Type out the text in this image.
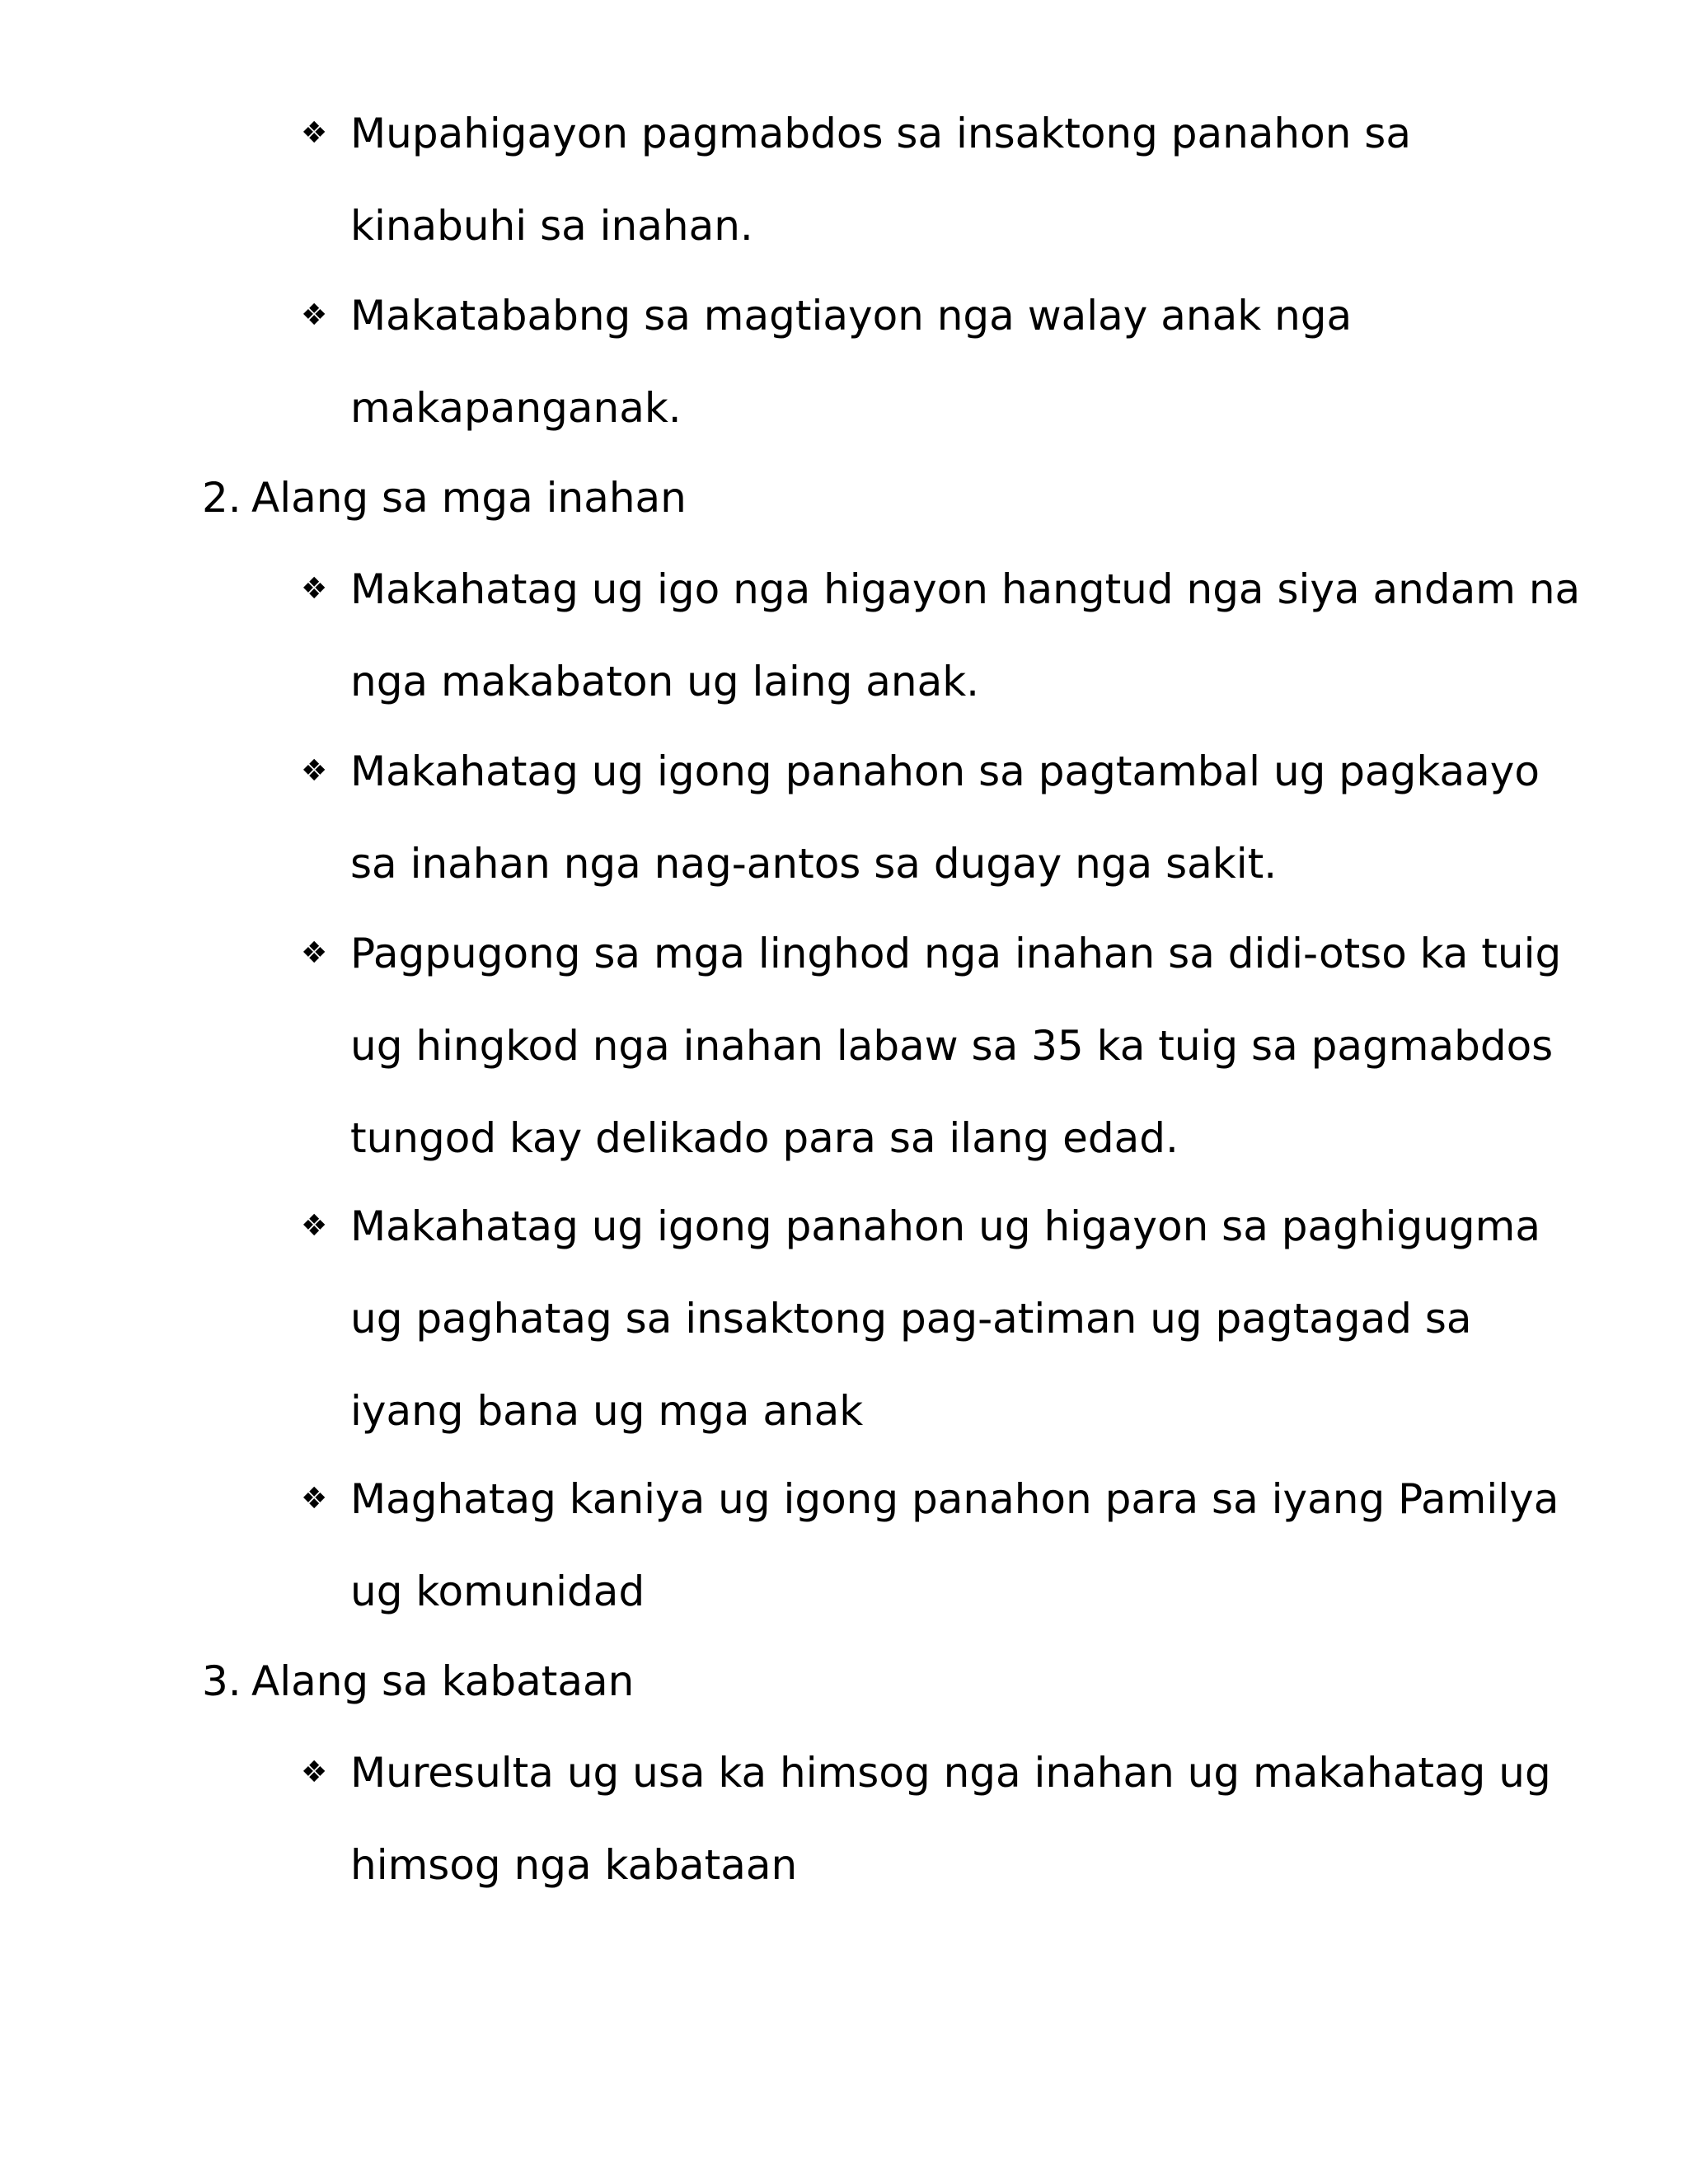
❖ Mupahigayon pagmabdos sa insaktong panahon sa kinabuhi sa inahan.
❖ Makatababng sa magtiayon nga walay anak nga makapanganak.
2. Alang sa mga inahan
❖ Makahatag ug igo nga higayon hangtud nga siya andam na nga makabaton ug laing anak.
❖ Makahatag ug igong panahon sa pagtambal ug pagkaayo sa inahan nga nag-antos sa dugay nga sakit.
❖ Pagpugong sa mga linghod nga inahan sa didi-otso ka tuig ug hingkod nga inahan labaw sa 35 ka tuig sa pagmabdos tungod kay delikado para sa ilang edad.
❖ Makahatag ug igong panahon ug higayon sa paghigugma ug paghatag sa insaktong pag-atiman ug pagtagad sa iyang bana ug mga anak
❖ Maghatag kaniya ug igong panahon para sa iyang Pamilya ug komunidad
3. Alang sa kabataan
❖ Muresulta ug usa ka himsog nga inahan ug makahatag ug himsog nga kabataan
